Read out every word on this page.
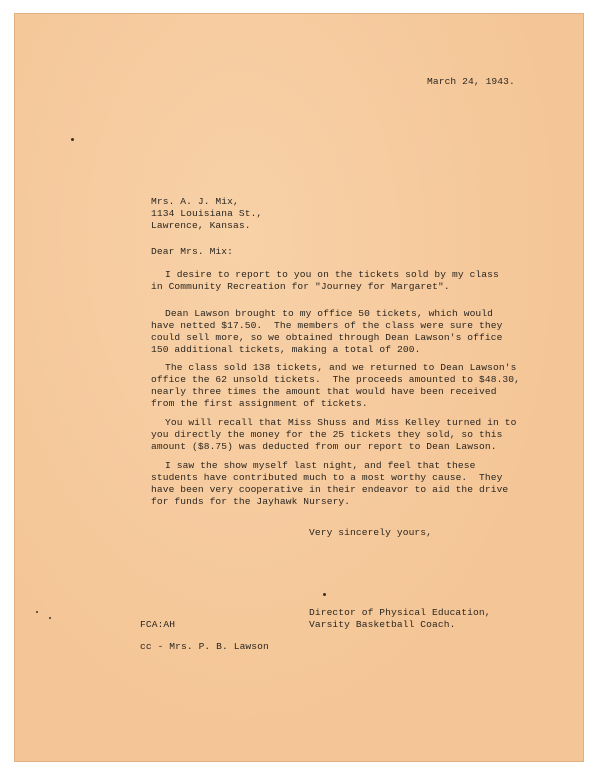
March 24, 1943.
Mrs. A. J. Mix,
1134 Louisiana St.,
Lawrence, Kansas.
Dear Mrs. Mix:
I desire to report to you on the tickets sold by my class
in Community Recreation for "Journey for Margaret".
Dean Lawson brought to my office 50 tickets, which would
have netted $17.50.  The members of the class were sure they
could sell more, so we obtained through Dean Lawson's office
150 additional tickets, making a total of 200.
The class sold 138 tickets, and we returned to Dean Lawson's
office the 62 unsold tickets.  The proceeds amounted to $48.30,
nearly three times the amount that would have been received
from the first assignment of tickets.
You will recall that Miss Shuss and Miss Kelley turned in to
you directly the money for the 25 tickets they sold, so this
amount ($8.75) was deducted from our report to Dean Lawson.
I saw the show myself last night, and feel that these
students have contributed much to a most worthy cause.  They
have been very cooperative in their endeavor to aid the drive
for funds for the Jayhawk Nursery.
Very sincerely yours,
Director of Physical Education,
Varsity Basketball Coach.
FCA:AH
cc - Mrs. P. B. Lawson
